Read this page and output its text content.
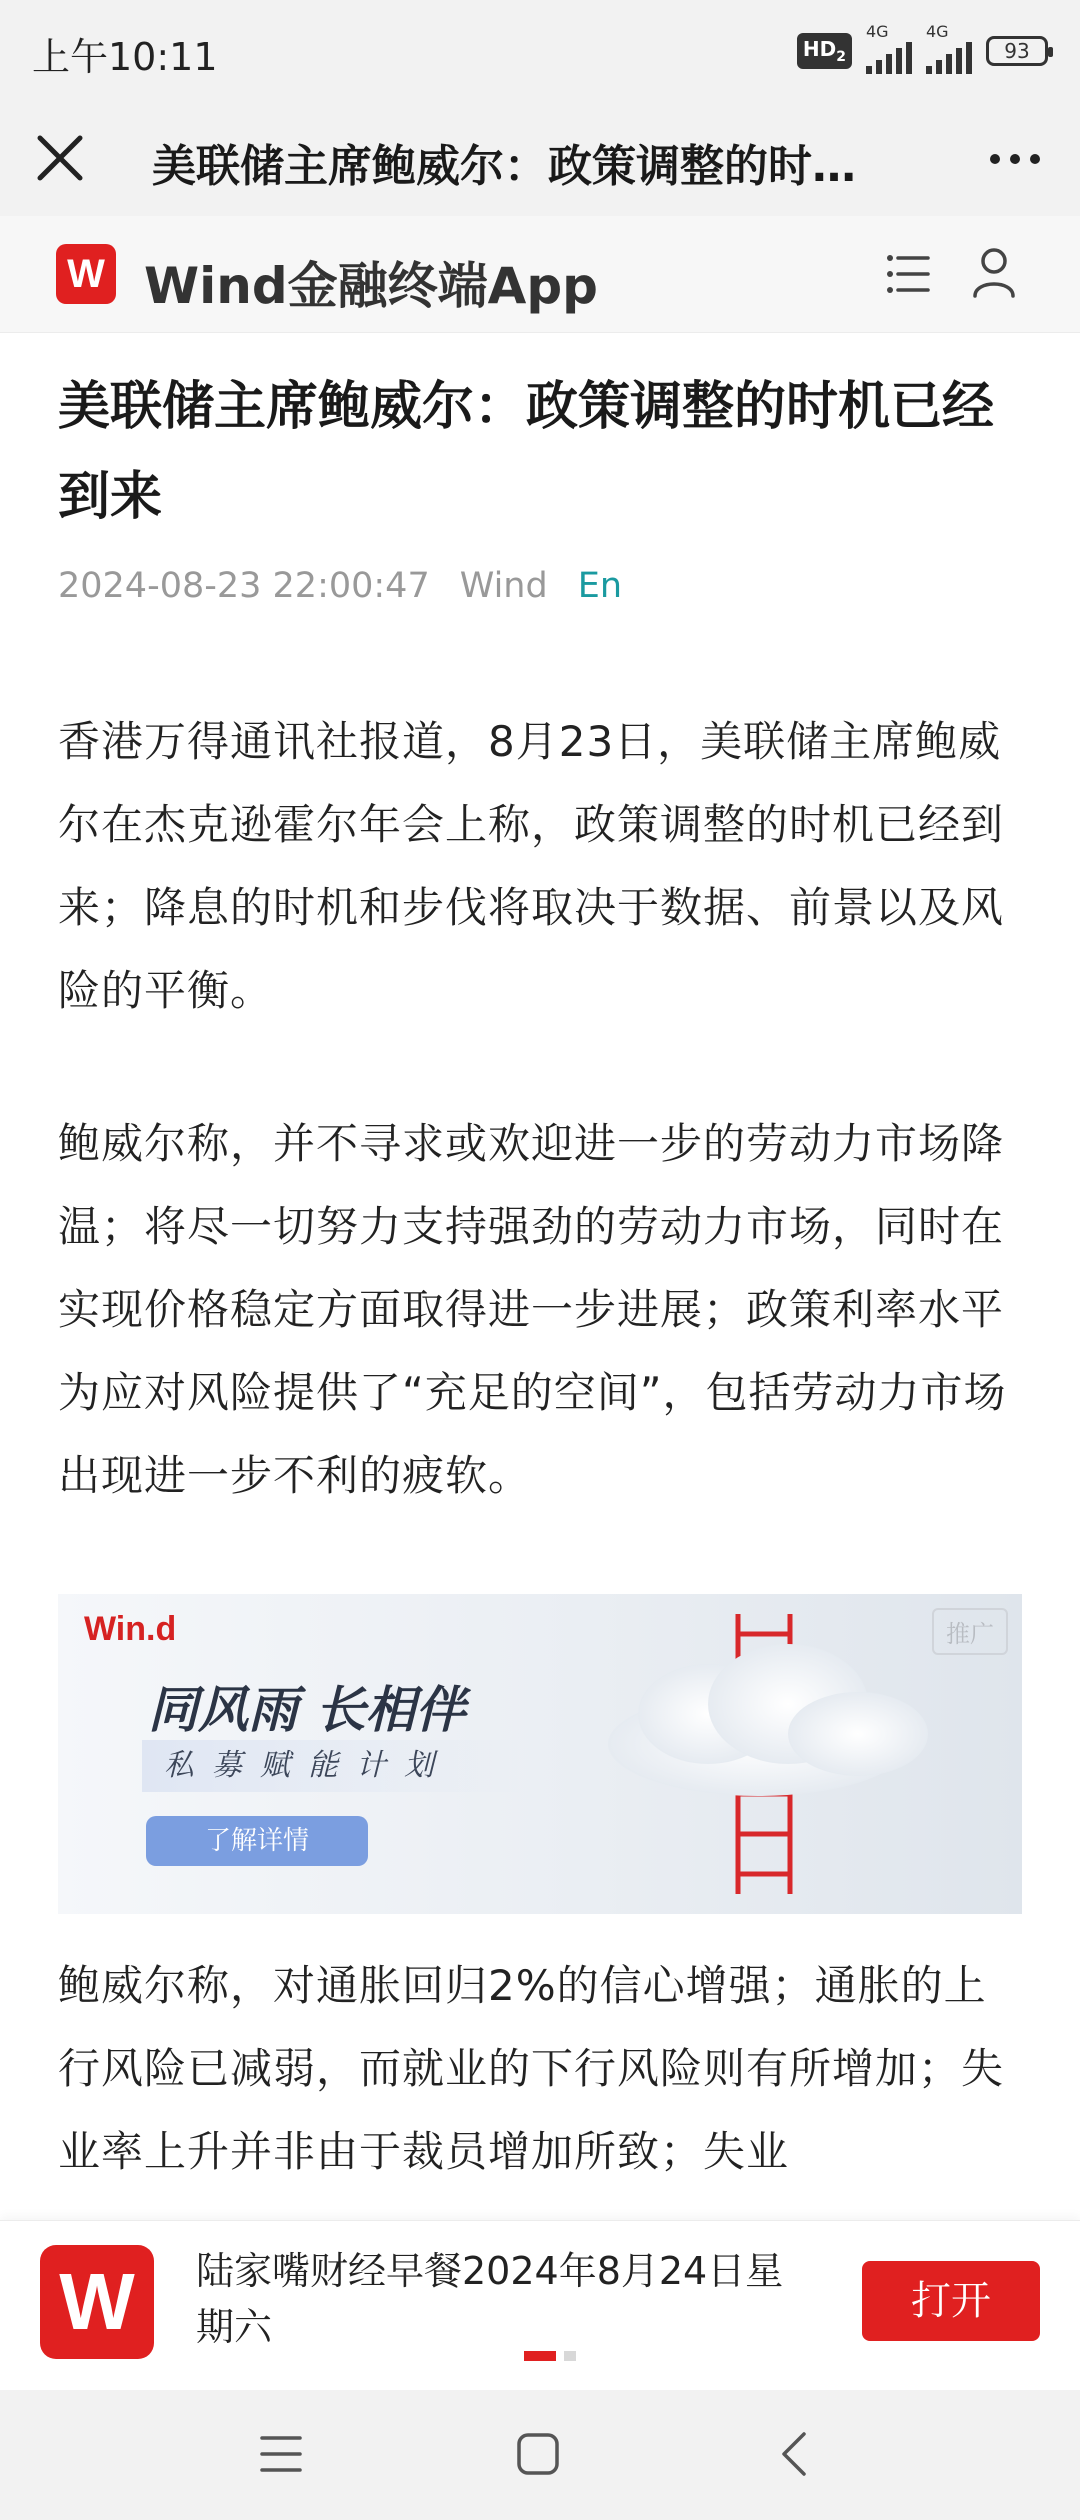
上午10:11	$HD_2$
4G 4G
93
美联储主席鲍威尔：政策调整的时…
W Wind金融终端App
美联储主席鲍威尔：政策调整的时机已经到来
2024-08-23 22:00:47 Wind En

香港万得通讯社报道，8月23日，美联储主席鲍威尔在杰克逊霍尔年会上称，政策调整的时机已经到来；降息的时机和步伐将取决于数据、前景以及风险的平衡。

鲍威尔称，并不寻求或欢迎进一步的劳动力市场降温；将尽一切努力支持强劲的劳动力市场，同时在实现价格稳定方面取得进一步进展；政策利率水平为应对风险提供了“充足的空间”，包括劳动力市场出现进一步不利的疲软。

Win.d	推广
同风雨 长相伴
私募赋能计划
了解详情

鲍威尔称，对通胀回归2%的信心增强；通胀的上行风险已减弱，而就业的下行风险则有所增加；失业率上升并非由于裁员增加所致；失业

W	陆家嘴财经早餐2024年8月24日星期六
打开
